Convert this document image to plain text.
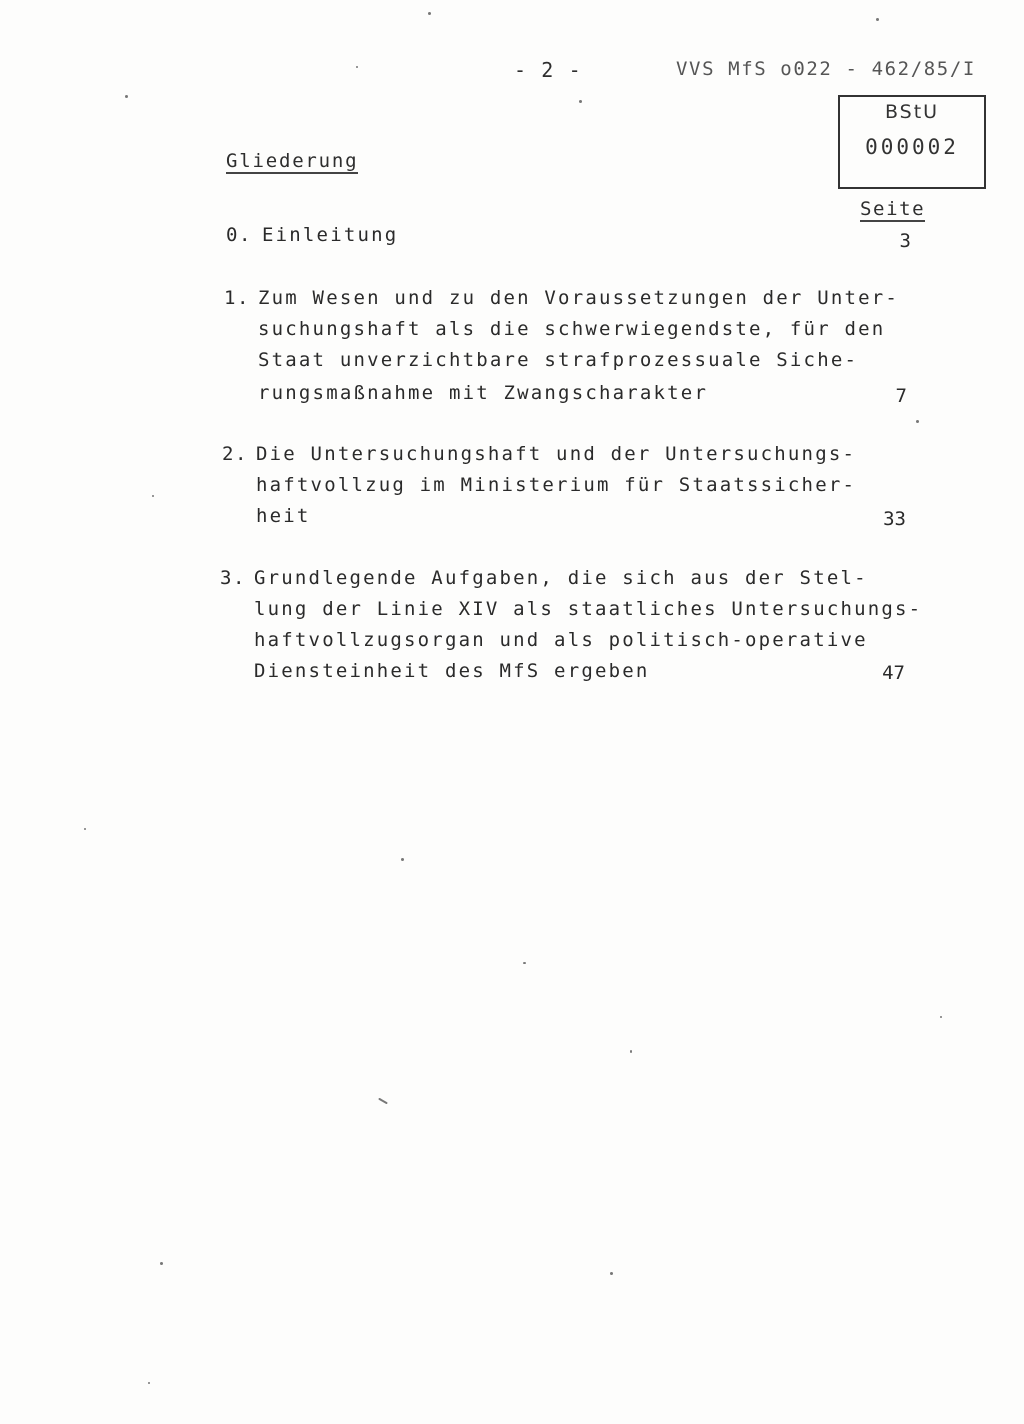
- 2 -	VVS MfS o022 - 462/85/I
BStU
000002
Gliederung
Seite
0. Einleitung	3
1. Zum Wesen und zu den Voraussetzungen der Unter-
suchungshaft als die schwerwiegendste, für den
Staat unverzichtbare strafprozessuale Siche-
rungsmaßnahme mit Zwangscharakter	7
2. Die Untersuchungshaft und der Untersuchungs-
haftvollzug im Ministerium für Staatssicher-
heit	33
3. Grundlegende Aufgaben, die sich aus der Stel-
lung der Linie XIV als staatliches Untersuchungs-
haftvollzugsorgan und als politisch-operative
Diensteinheit des MfS ergeben	47
